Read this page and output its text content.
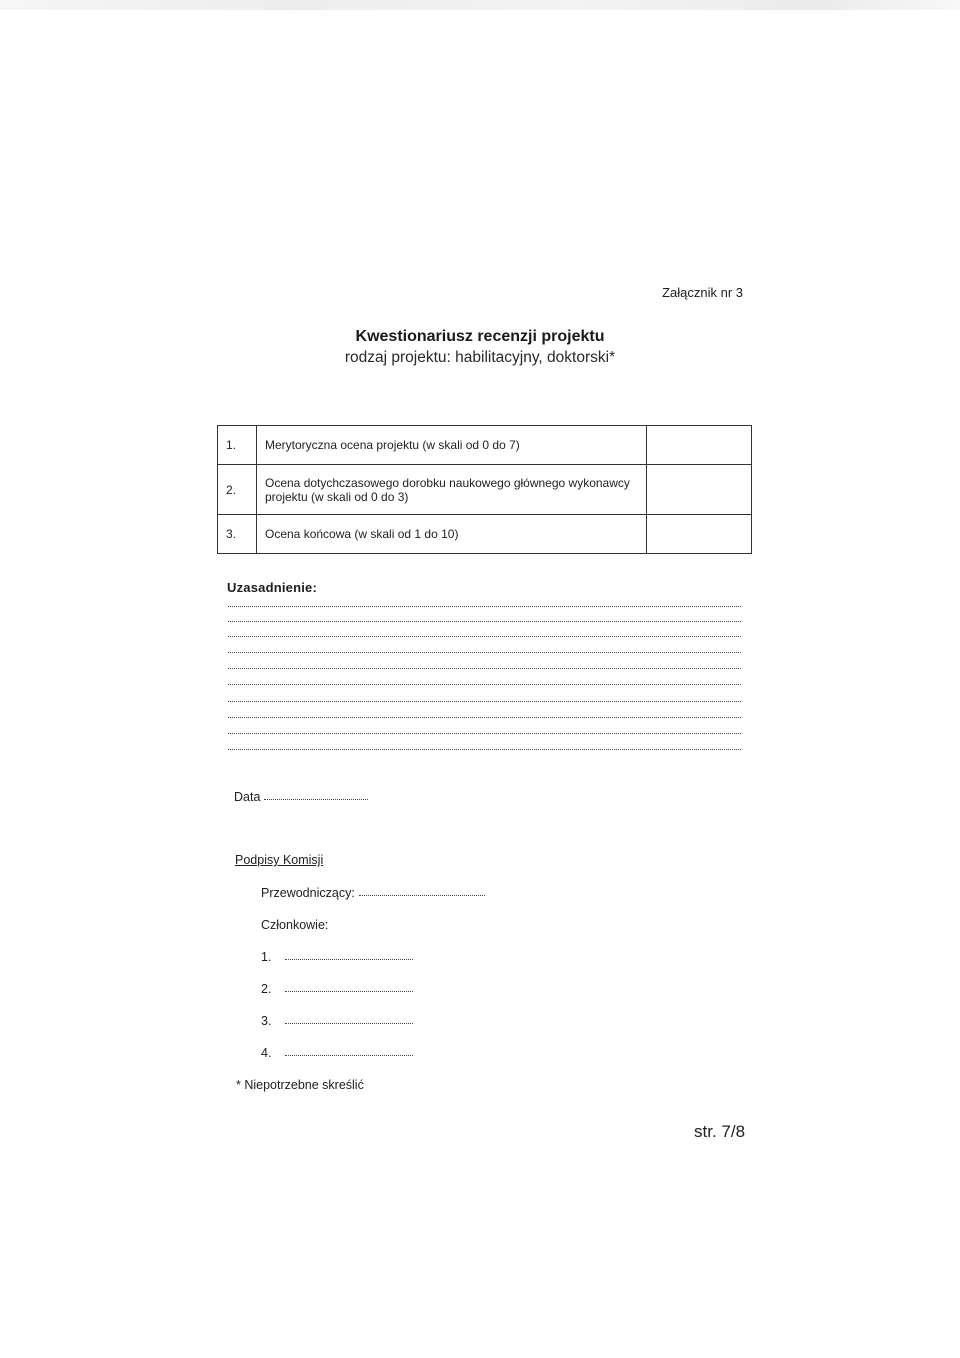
Załącznik nr 3
Kwestionariusz recenzji projektu
rodzaj projektu: habilitacyjny, doktorski*
1.	Merytoryczna ocena projektu (w skali od 0 do 7)	
2.	Ocena dotychczasowego dorobku naukowego głównego wykonawcy projektu (w skali od 0 do 3)	
3.	Ocena końcowa (w skali od 1 do 10)	
Uzasadnienie:
Data
Podpisy Komisji
Przewodniczący:
Członkowie:
1.
2.
3.
4.
* Niepotrzebne skreślić
str. 7/8
